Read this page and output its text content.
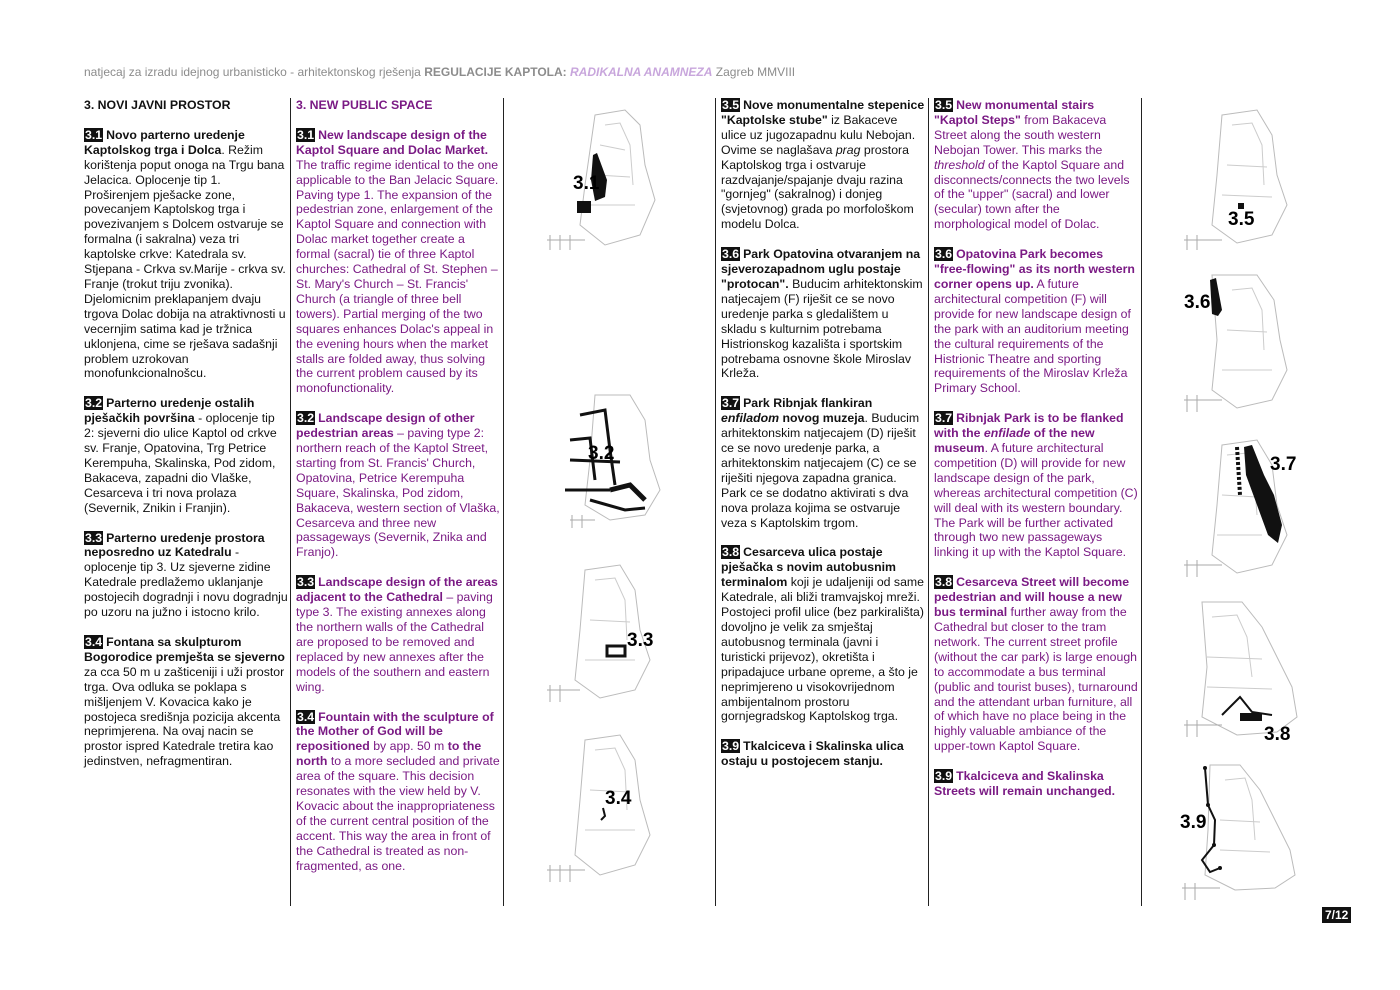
natjecaj za izradu idejnog urbanisticko - arhitektonskog rješenja REGULACIJE KAPTOLA: RADIKALNA ANAMNEZA Zagreb MMVIII
3. NOVI JAVNI PROSTOR

3.1 Novo parterno uredenje Kaptolskog trga i Dolca. Režim korištenja poput onoga na Trgu bana Jelacica. Oplocenje tip 1. Proširenjem pješacke zone, povecanjem Kaptolskog trga i povezivanjem s Dolcem ostvaruje se formalna (i sakralna) veza tri kaptolske crkve: Katedrala sv. Stjepana - Crkva sv.Marije - crkva sv. Franje (trokut triju zvonika). Djelomicnim preklapanjem dvaju trgova Dolac dobija na atraktivnosti u vecernjim satima kad je tržnica uklonjena, cime se rješava sadašnji problem uzrokovan monofunkcionalnošcu.

3.2 Parterno uredenje ostalih pješačkih površina - oplocenje tip 2: sjeverni dio ulice Kaptol od crkve sv. Franje, Opatovina, Trg Petrice Kerempuha, Skalinska, Pod zidom, Bakaceva, zapadni dio Vlaške, Cesarceva i tri nova prolaza (Severnik, Znikin i Franjin).

3.3 Parterno uredenje prostora neposredno uz Katedralu - oplocenje tip 3. Uz sjeverne zidine Katedrale predlažemo uklanjanje postojecih dogradnji i novu dogradnju po uzoru na južno i istocno krilo.

3.4 Fontana sa skulpturom Bogorodice premješta se sjeverno za cca 50 m u zašticeniji i uži prostor trga. Ova odluka se poklapa s mišljenjem V. Kovacica kako je postojeca središnja pozicija akcenta neprimjerena. Na ovaj nacin se prostor ispred Katedrale tretira kao jedinstven, nefragmentiran.

3. NEW PUBLIC SPACE

3.1 New landscape design of the Kaptol Square and Dolac Market. The traffic regime identical to the one applicable to the Ban Jelacic Square. Paving type 1. The expansion of the pedestrian zone, enlargement of the Kaptol Square and connection with Dolac market together create a formal (sacral) tie of three Kaptol churches: Cathedral of St. Stephen – St. Mary's Church – St. Francis' Church (a triangle of three bell towers). Partial merging of the two squares enhances Dolac's appeal in the evening hours when the market stalls are folded away, thus solving the current problem caused by its monofunctionality.

3.2 Landscape design of other pedestrian areas – paving type 2: northern reach of the Kaptol Street, starting from St. Francis' Church, Opatovina, Petrice Kerempuha Square, Skalinska, Pod zidom, Bakaceva, western section of Vlaška, Cesarceva and three new passageways (Severnik, Znika and Franjo).

3.3 Landscape design of the areas adjacent to the Cathedral – paving type 3. The existing annexes along the northern walls of the Cathedral are proposed to be removed and replaced by new annexes after the models of the southern and eastern wing.

3.4 Fountain with the sculpture of the Mother of God will be repositioned by app. 50 m to the north to a more secluded and private area of the square. This decision resonates with the view held by V. Kovacic about the inappropriateness of the current central position of the accent. This way the area in front of the Cathedral is treated as non-fragmented, as one.

3.5 Nove monumentalne stepenice "Kaptolske stube" iz Bakaceve ulice uz jugozapadnu kulu Nebojan. Ovime se naglašava prag prostora Kaptolskog trga i ostvaruje razdvajanje/spajanje dvaju razina "gornjeg" (sakralnog) i donjeg (svjetovnog) grada po morfološkom modelu Dolca.

3.6 Park Opatovina otvaranjem na sjeverozapadnom uglu postaje "protocan". Buducim arhitektonskim natjecajem (F) riješit ce se novo uredenje parka s gledalištem u skladu s kulturnim potrebama Histrionskog kazališta i sportskim potrebama osnovne škole Miroslav Krleža.

3.7 Park Ribnjak flankiran enfiladom novog muzeja. Buducim arhitektonskim natjecajem (D) riješit ce se novo uredenje parka, a arhitektonskim natjecajem (C) ce se riješiti njegova zapadna granica. Park ce se dodatno aktivirati s dva nova prolaza kojima se ostvaruje veza s Kaptolskim trgom.

3.8 Cesarceva ulica postaje pješačka s novim autobusnim terminalom koji je udaljeniji od same Katedrale, ali bliži tramvajskoj mreži. Postojeci profil ulice (bez parkirališta) dovoljno je velik za smještaj autobusnog terminala (javni i turisticki prijevoz), okretišta i pripadajuce urbane opreme, a što je neprimjereno u visokovrijednom ambijentalnom prostoru gornjegradskog Kaptolskog trga.

3.9 Tkalciceva i Skalinska ulica ostaju u postojecem stanju.

3.5 New monumental stairs "Kaptol Steps" from Bakaceva Street along the south western Nebojan Tower. This marks the threshold of the Kaptol Square and disconnects/connects the two levels of the "upper" (sacral) and lower (secular) town after the morphological model of Dolac.

3.6 Opatovina Park becomes "free-flowing" as its north western corner opens up. A future architectural competition (F) will provide for new landscape design of the park with an auditorium meeting the cultural requirements of the Histrionic Theatre and sporting requirements of the Miroslav Krleža Primary School.

3.7 Ribnjak Park is to be flanked with the enfilade of the new museum. A future architectural competition (D) will provide for new landscape design of the park, whereas architectural competition (C) will deal with its western boundary. The Park will be further activated through two new passageways linking it up with the Kaptol Square.

3.8 Cesarceva Street will become pedestrian and will house a new bus terminal further away from the Cathedral but closer to the tram network. The current street profile (without the car park) is large enough to accommodate a bus terminal (public and tourist buses), turnaround and the attendant urban furniture, all of which have no place being in the highly valuable ambiance of the upper-town Kaptol Square.

3.9 Tkalciceva and Skalinska Streets will remain unchanged.

3.1
3.2
3.3
3.4
3.5
3.6
3.7
3.8
3.9
7/12
